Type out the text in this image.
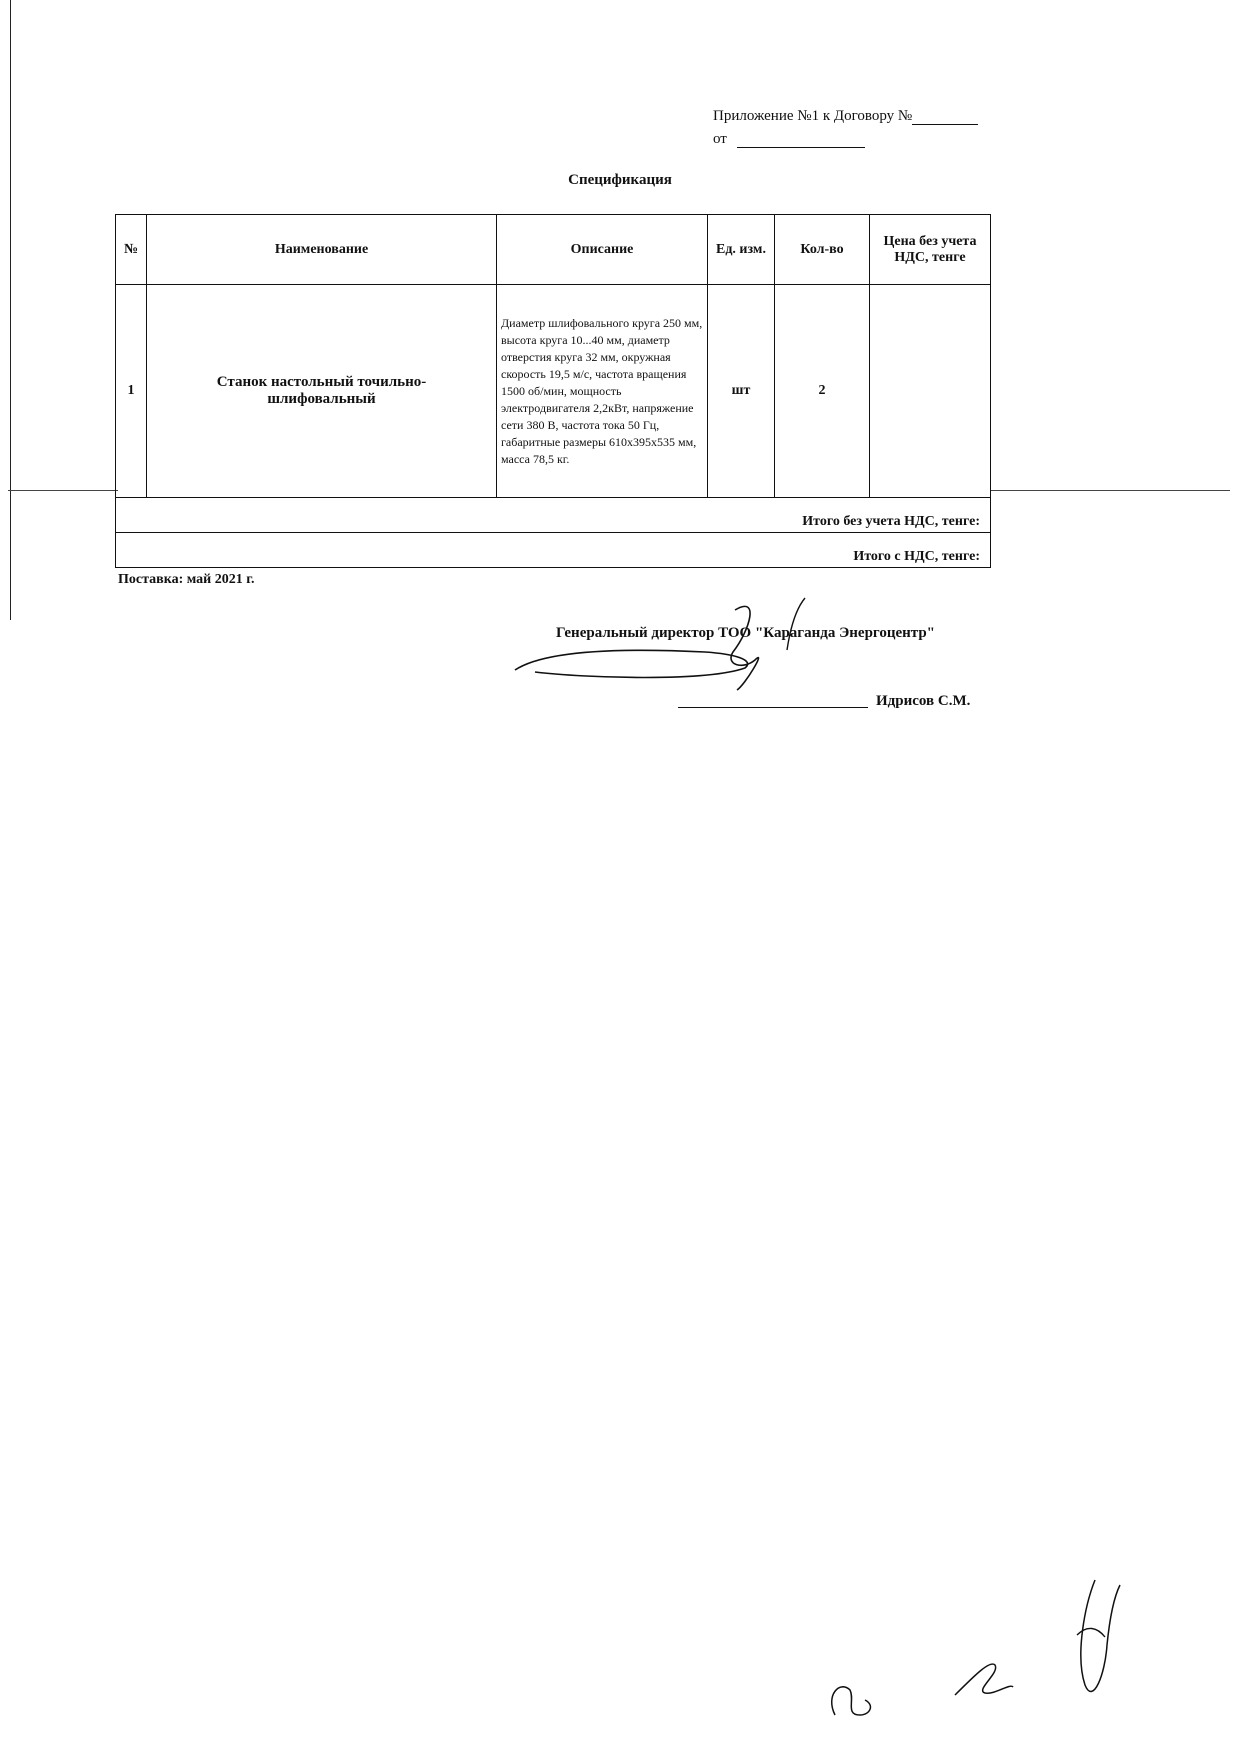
Приложение №1 к Договору №
от
Спецификация
№	Наименование	Описание	Ед. изм.	Кол-во	Цена без учета НДС, тенге
1	Станок настольный точильно-шлифовальный	Диаметр шлифовального круга 250 мм, высота круга 10...40 мм, диаметр отверстия круга 32 мм, окружная скорость 19,5 м/с, частота вращения 1500 об/мин, мощность электродвигателя 2,2кВт, напряжение сети 380 В, частота тока 50 Гц, габаритные размеры 610х395х535 мм, масса 78,5 кг.	шт	2	
Итого без учета НДС, тенге:					
Итого с НДС, тенге:					
Поставка: май 2021 г.
Генеральный директор ТОО "Караганда Энергоцентр"
Идрисов С.М.
